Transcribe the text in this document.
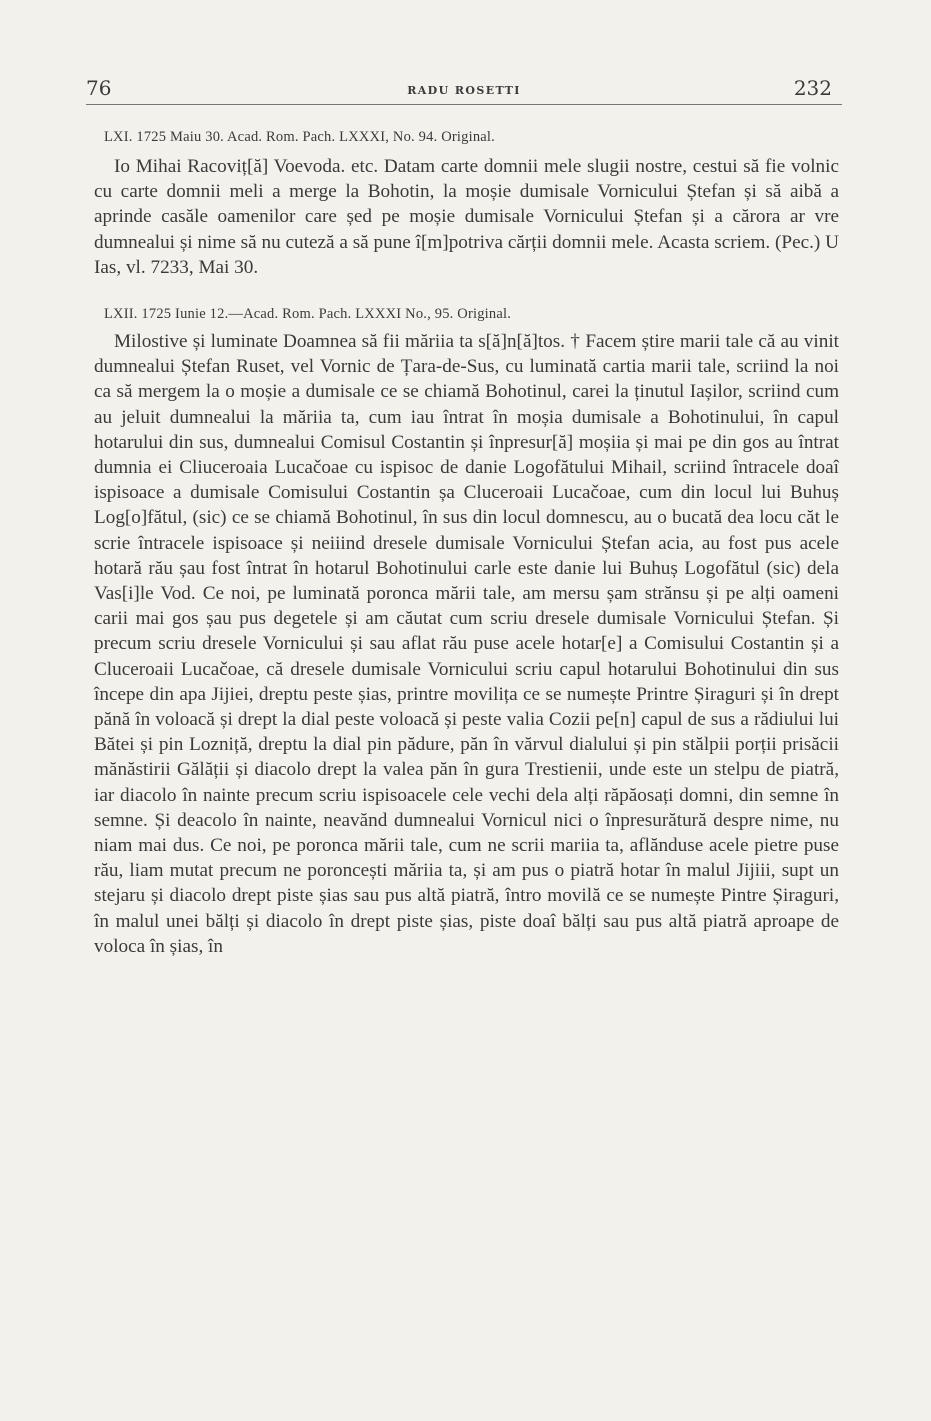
76	RADU ROSETTI	232
LXI. 1725 Maiu 30. Acad. Rom. Pach. LXXXI, No. 94. Original.

Io Mihai Racoviț[ă] Voevoda. etc. Datam carte domnii mele slugii nostre, cestui să fie volnic cu carte domnii meli a merge la Bohotin, la moșie dumisale Vornicului Ștefan și să aibă a aprinde casăle oamenilor care șed pe moșie dumisale Vornicului Ștefan și a cărora ar vre dumnealui și nime să nu cuteză a să pune î[m]potriva cărții domnii mele. Acasta scriem. (Pec.) U Ias, vl. 7233, Mai 30.

LXII. 1725 Iunie 12.—Acad. Rom. Pach. LXXXI No., 95. Original.

Milostive și luminate Doamnea să fii măriia ta s[ă]n[ă]tos. † Facem știre marii tale că au vinit dumnealui Ștefan Ruset, vel Vornic de Țara-de-Sus, cu luminată cartia marii tale, scriind la noi ca să mergem la o moșie a dumisale ce se chiamă Bohotinul, carei la ținutul Iașilor, scriind cum au jeluit dumnealui la măriia ta, cum iau întrat în moșia dumisale a Bohotinului, în capul hotarului din sus, dumnealui Comisul Costantin și înpresur[ă] moșiia și mai pe din gos au întrat dumnia ei Cliuceroaia Lucačoae cu ispisoc de danie Logofătului Mihail, scriind întracele doaî ispisoace a dumisale Comisului Costantin șa Cluceroaii Lucačoae, cum din locul lui Buhuș Log[o]fătul, (sic) ce se chiamă Bohotinul, în sus din locul domnescu, au o bucată dea locu căt le scrie întracele ispisoace și neiiind dresele dumisale Vornicului Ștefan acia, au fost pus acele hotară rău șau fost întrat în hotarul Bohotinului carle este danie lui Buhuș Logofătul (sic) dela Vas[i]le Vod. Ce noi, pe luminată poronca mării tale, am mersu șam strănsu și pe alți oameni carii mai gos șau pus degetele și am căutat cum scriu dresele dumisale Vornicului Ștefan. Și precum scriu dresele Vornicului și sau aflat rău puse acele hotar[e] a Comisului Costantin și a Cluceroaii Lucačoae, că dresele dumisale Vornicului scriu capul hotarului Bohotinului din sus începe din apa Jijiei, dreptu peste șias, printre movilița ce se numește Printre Șiraguri și în drept pănă în voloacă și drept la dial peste voloacă și peste valia Cozii pe[n] capul de sus a rădiului lui Bătei și pin Lozniță, dreptu la dial pin pădure, păn în vărvul dialului și pin stălpii porții prisăcii mănăstirii Gălății și diacolo drept la valea păn în gura Trestienii, unde este un stelpu de piatră, iar diacolo în nainte precum scriu ispisoacele cele vechi dela alți răpăosați domni, din semne în semne. Și deacolo în nainte, neavănd dumnealui Vornicul nici o înpresurătură despre nime, nu niam mai dus. Ce noi, pe poronca mării tale, cum ne scrii mariia ta, aflănduse acele pietre puse rău, liam mutat precum ne poroncești măriia ta, și am pus o piatră hotar în malul Jijiii, supt un stejaru și diacolo drept piste șias sau pus altă piatră, întro movilă ce se numește Pintre Șiraguri, în malul unei bălți și diacolo în drept piste șias, piste doaî bălți sau pus altă piatră aproape de voloca în șias, în
